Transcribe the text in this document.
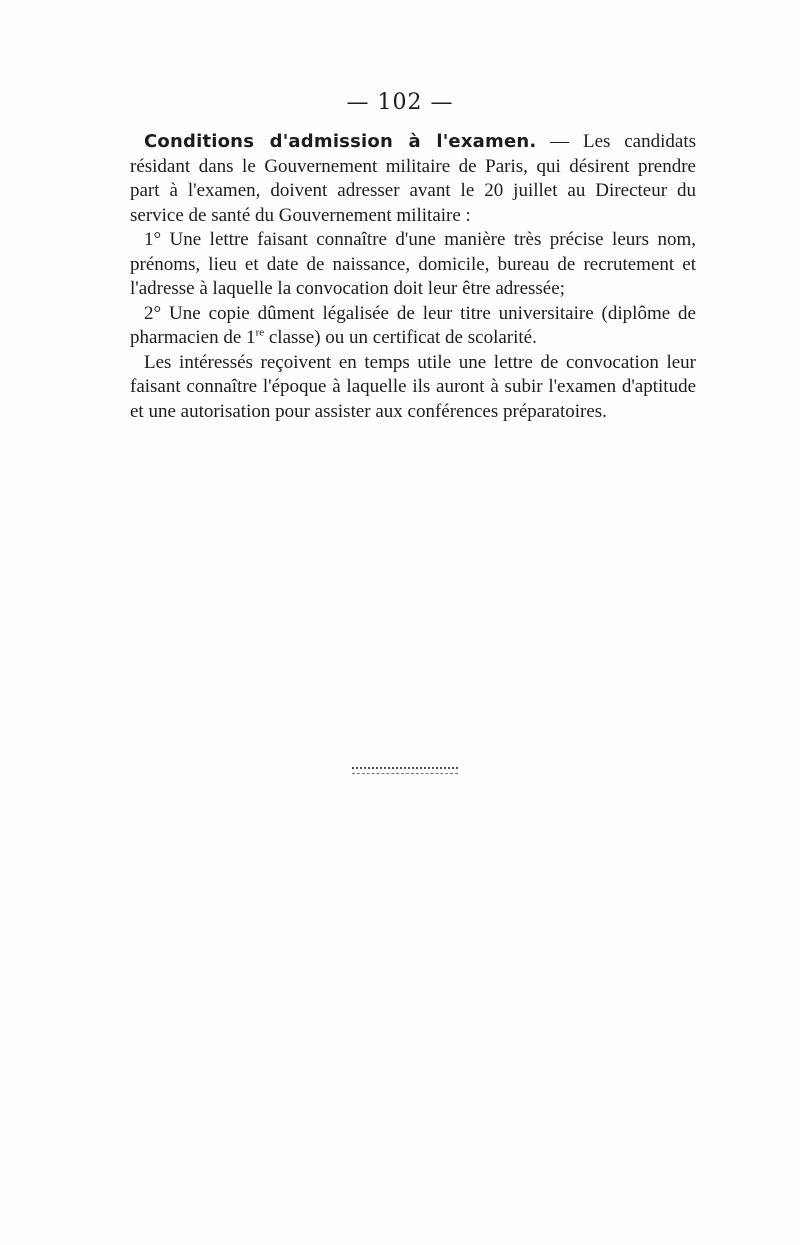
— 102 —

Conditions d'admission à l'examen. — Les candidats résidant dans le Gouvernement militaire de Paris, qui désirent prendre part à l'examen, doivent adresser avant le 20 juillet au Directeur du service de santé du Gouvernement militaire :

1° Une lettre faisant connaître d'une manière très précise leurs nom, prénoms, lieu et date de naissance, domicile, bureau de recrutement et l'adresse à laquelle la convocation doit leur être adressée;

2° Une copie dûment légalisée de leur titre universitaire (diplôme de pharmacien de 1re classe) ou un certificat de scolarité.

Les intéressés reçoivent en temps utile une lettre de convocation leur faisant connaître l'époque à laquelle ils auront à subir l'examen d'aptitude et une autorisation pour assister aux conférences préparatoires.
